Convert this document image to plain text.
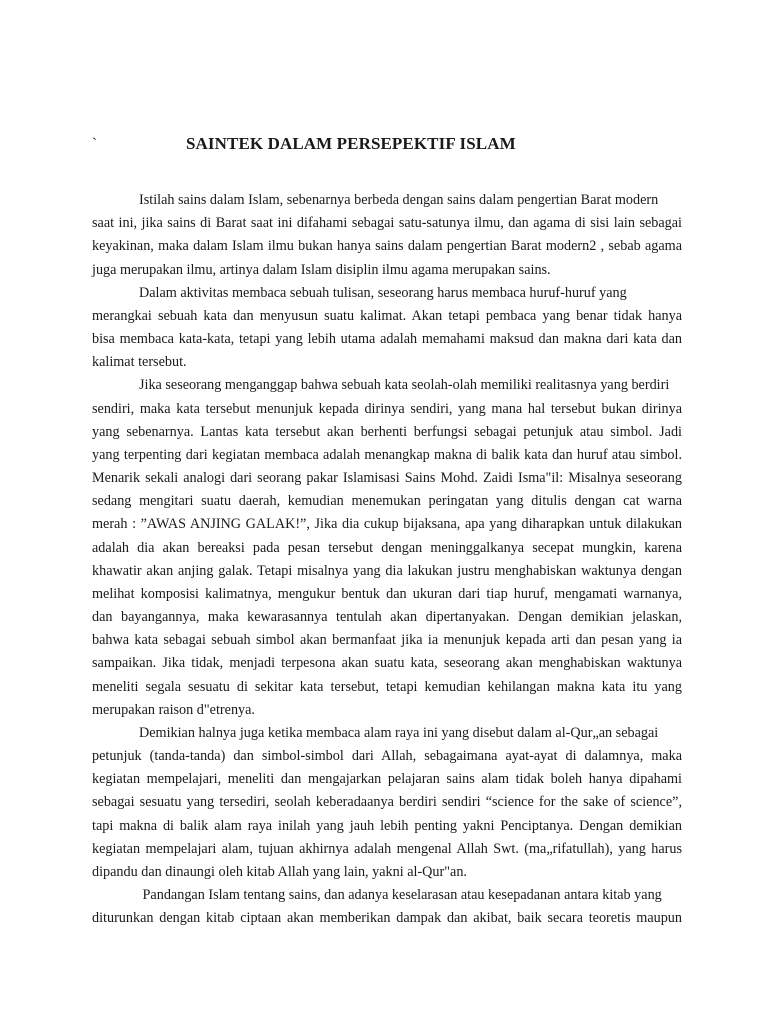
`	SAINTEK DALAM PERSEPEKTIF ISLAM
Istilah sains dalam Islam, sebenarnya berbeda dengan sains dalam pengertian Barat modern
saat ini, jika sains di Barat saat ini difahami sebagai satu-satunya ilmu, dan agama di sisi lain sebagai
keyakinan, maka dalam Islam ilmu bukan hanya sains dalam pengertian Barat modern2 , sebab agama
juga merupakan ilmu, artinya dalam Islam disiplin ilmu agama merupakan sains.
Dalam aktivitas membaca sebuah tulisan, seseorang harus membaca huruf-huruf yang
merangkai sebuah kata dan menyusun suatu kalimat. Akan tetapi pembaca yang benar tidak hanya
bisa membaca kata-kata, tetapi yang lebih utama adalah memahami maksud dan makna dari kata dan
kalimat tersebut.
Jika seseorang menganggap bahwa sebuah kata seolah-olah memiliki realitasnya yang berdiri
sendiri, maka kata tersebut menunjuk kepada dirinya sendiri, yang mana hal tersebut bukan dirinya
yang sebenarnya. Lantas kata tersebut akan berhenti berfungsi sebagai petunjuk atau simbol. Jadi
yang terpenting dari kegiatan membaca adalah menangkap makna di balik kata dan huruf atau simbol.
Menarik sekali analogi dari seorang pakar Islamisasi Sains Mohd. Zaidi Isma"il: Misalnya seseorang
sedang mengitari suatu daerah, kemudian menemukan peringatan yang ditulis dengan cat warna
merah : ”AWAS ANJING GALAK!”, Jika dia cukup bijaksana, apa yang diharapkan untuk dilakukan
adalah dia akan bereaksi pada pesan tersebut dengan meninggalkanya secepat mungkin, karena
khawatir akan anjing galak. Tetapi misalnya yang dia lakukan justru menghabiskan waktunya dengan
melihat komposisi kalimatnya, mengukur bentuk dan ukuran dari tiap huruf, mengamati warnanya,
dan bayangannya, maka kewarasannya tentulah akan dipertanyakan. Dengan demikian jelaskan,
bahwa kata sebagai sebuah simbol akan bermanfaat jika ia menunjuk kepada arti dan pesan yang ia
sampaikan. Jika tidak, menjadi terpesona akan suatu kata, seseorang akan menghabiskan waktunya
meneliti segala sesuatu di sekitar kata tersebut, tetapi kemudian kehilangan makna kata itu yang
merupakan raison d"etrenya.
Demikian halnya juga ketika membaca alam raya ini yang disebut dalam al-Qur„an sebagai
petunjuk (tanda-tanda) dan simbol-simbol dari Allah, sebagaimana ayat-ayat di dalamnya, maka
kegiatan mempelajari, meneliti dan mengajarkan pelajaran sains alam tidak boleh hanya dipahami
sebagai sesuatu yang tersediri, seolah keberadaanya berdiri sendiri “science for the sake of science”,
tapi makna di balik alam raya inilah yang jauh lebih penting yakni Penciptanya. Dengan demikian
kegiatan mempelajari alam, tujuan akhirnya adalah mengenal Allah Swt. (ma„rifatullah), yang harus
dipandu dan dinaungi oleh kitab Allah yang lain, yakni al-Qur"an.
Pandangan Islam tentang sains, dan adanya keselarasan atau kesepadanan antara kitab yang
diturunkan dengan kitab ciptaan akan memberikan dampak dan akibat, baik secara teoretis maupun
